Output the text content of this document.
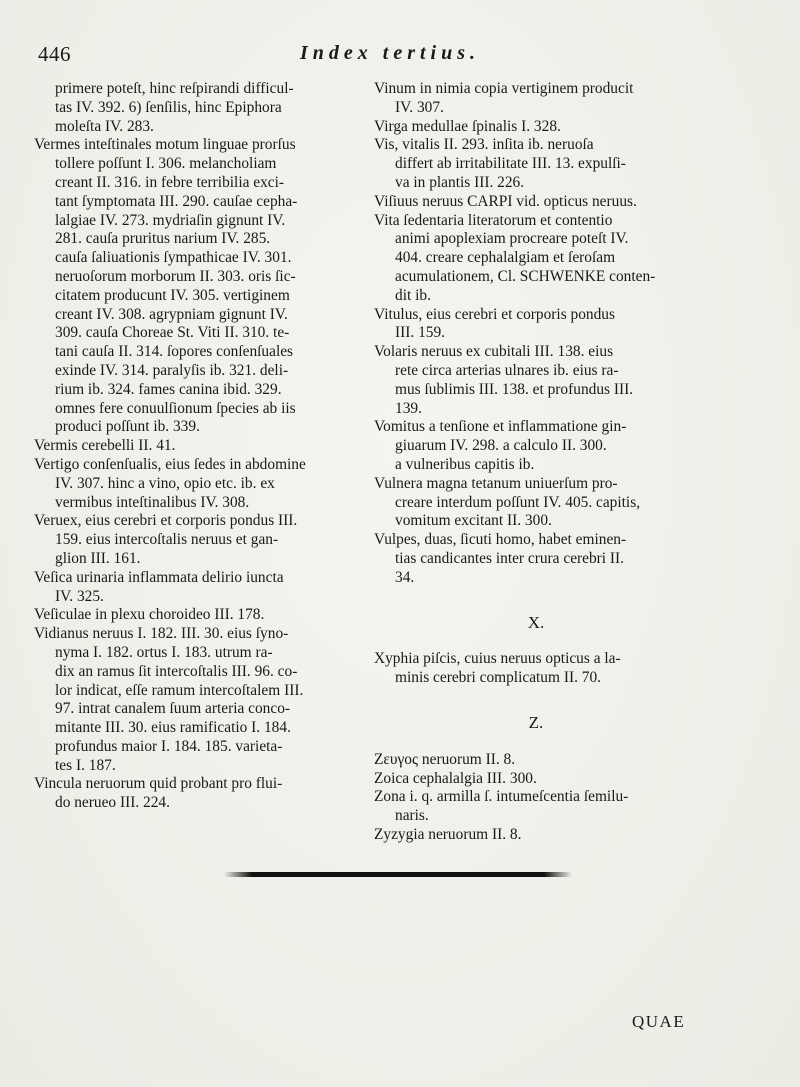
446	Index tertius.
primere poteſt, hinc reſpirandi difficul-
tas IV. 392. 6) ſenſilis, hinc Epiphora
moleſta IV. 283.
Vermes inteſtinales motum linguae prorſus
tollere poſſunt I. 306. melancholiam
creant II. 316. in febre terribilia exci-
tant ſymptomata III. 290. cauſae cepha-
lalgiae IV. 273. mydriaſin gignunt IV.
281. cauſa pruritus narium IV. 285.
cauſa ſaliuationis ſympathicae IV. 301.
neruoſorum morborum II. 303. oris ſic-
citatem producunt IV. 305. vertiginem
creant IV. 308. agrypniam gignunt IV.
309. cauſa Choreae St. Viti II. 310. te-
tani cauſa II. 314. ſopores conſenſuales
exinde IV. 314. paralyſis ib. 321. deli-
rium ib. 324. fames canina ibid. 329.
omnes fere conuulſionum ſpecies ab iis
produci poſſunt ib. 339.
Vermis cerebelli II. 41.
Vertigo conſenſualis, eius ſedes in abdomine
IV. 307. hinc a vino, opio etc. ib. ex
vermibus inteſtinalibus IV. 308.
Veruex, eius cerebri et corporis pondus III.
159. eius intercoſtalis neruus et gan-
glion III. 161.
Veſica urinaria inflammata delirio iuncta
IV. 325.
Veſiculae in plexu choroideo III. 178.
Vidianus neruus I. 182. III. 30. eius ſyno-
nyma I. 182. ortus I. 183. utrum ra-
dix an ramus ſit intercoſtalis III. 96. co-
lor indicat, eſſe ramum intercoſtalem III.
97. intrat canalem ſuum arteria conco-
mitante III. 30. eius ramificatio I. 184.
profundus maior I. 184. 185. varieta-
tes I. 187.
Vincula neruorum quid probant pro flui-
do nerueo III. 224.
Vinum in nimia copia vertiginem producit
IV. 307.
Virga medullae ſpinalis I. 328.
Vis, vitalis II. 293. inſita ib. neruoſa
differt ab irritabilitate III. 13. expulſi-
va in plantis III. 226.
Viſiuus neruus CARPI vid. opticus neruus.
Vita ſedentaria literatorum et contentio
animi apoplexiam procreare poteſt IV.
404. creare cephalalgiam et ſeroſam
acumulationem, Cl. SCHWENKE conten-
dit ib.
Vitulus, eius cerebri et corporis pondus
III. 159.
Volaris neruus ex cubitali III. 138. eius
rete circa arterias ulnares ib. eius ra-
mus ſublimis III. 138. et profundus III.
139.
Vomitus a tenſione et inflammatione gin-
giuarum IV. 298. a calculo II. 300.
a vulneribus capitis ib.
Vulnera magna tetanum uniuerſum pro-
creare interdum poſſunt IV. 405. capitis,
vomitum excitant II. 300.
Vulpes, duas, ſicuti homo, habet eminen-
tias candicantes inter crura cerebri II.
34.
X.
Xyphia piſcis, cuius neruus opticus a la-
minis cerebri complicatum II. 70.
Z.
Ζευγος neruorum II. 8.
Zoica cephalalgia III. 300.
Zona i. q. armilla ſ. intumeſcentia ſemilu-
naris.
Zyzygia neruorum II. 8.
QUAE
